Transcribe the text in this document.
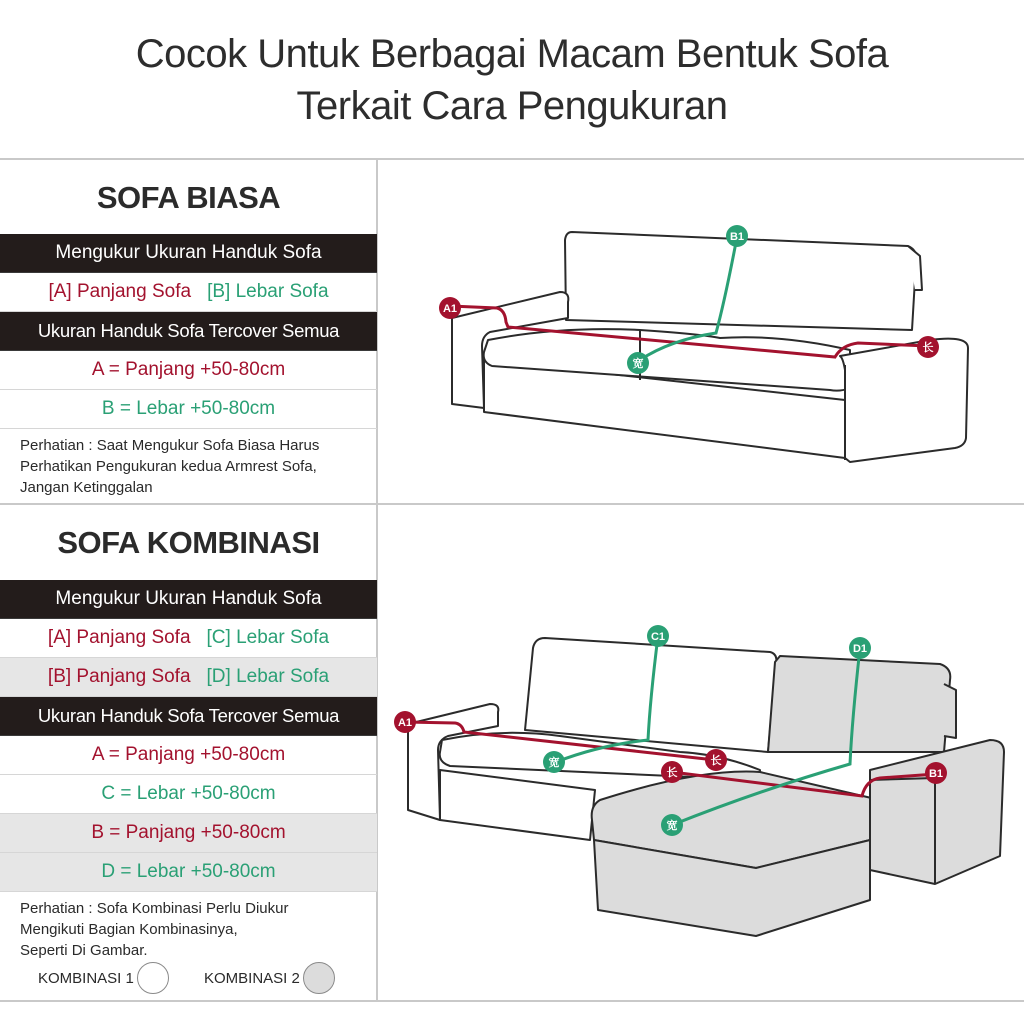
Cocok Untuk Berbagai Macam Bentuk Sofa
Terkait Cara Pengukuran
SOFA BIASA
Mengukur Ukuran Handuk Sofa
[A] Panjang Sofa [B] Lebar Sofa
Ukuran Handuk Sofa Tercover Semua
A = Panjang +50-80cm
B = Lebar +50-80cm
Perhatian : Saat Mengukur Sofa Biasa Harus
Perhatikan Pengukuran kedua Armrest Sofa,
Jangan Ketinggalan
SOFA KOMBINASI
Mengukur Ukuran Handuk Sofa
[A] Panjang Sofa [C] Lebar Sofa
[B] Panjang Sofa [D] Lebar Sofa
Ukuran Handuk Sofa Tercover Semua
A = Panjang +50-80cm
C = Lebar +50-80cm
B = Panjang +50-80cm
D = Lebar +50-80cm
Perhatian : Sofa Kombinasi Perlu Diukur
Mengikuti Bagian Kombinasinya,
Seperti Di Gambar.
KOMBINASI 1	KOMBINASI 2
A1
长
B1
宽
A1
长
长	B1
C1
D1
宽
宽
